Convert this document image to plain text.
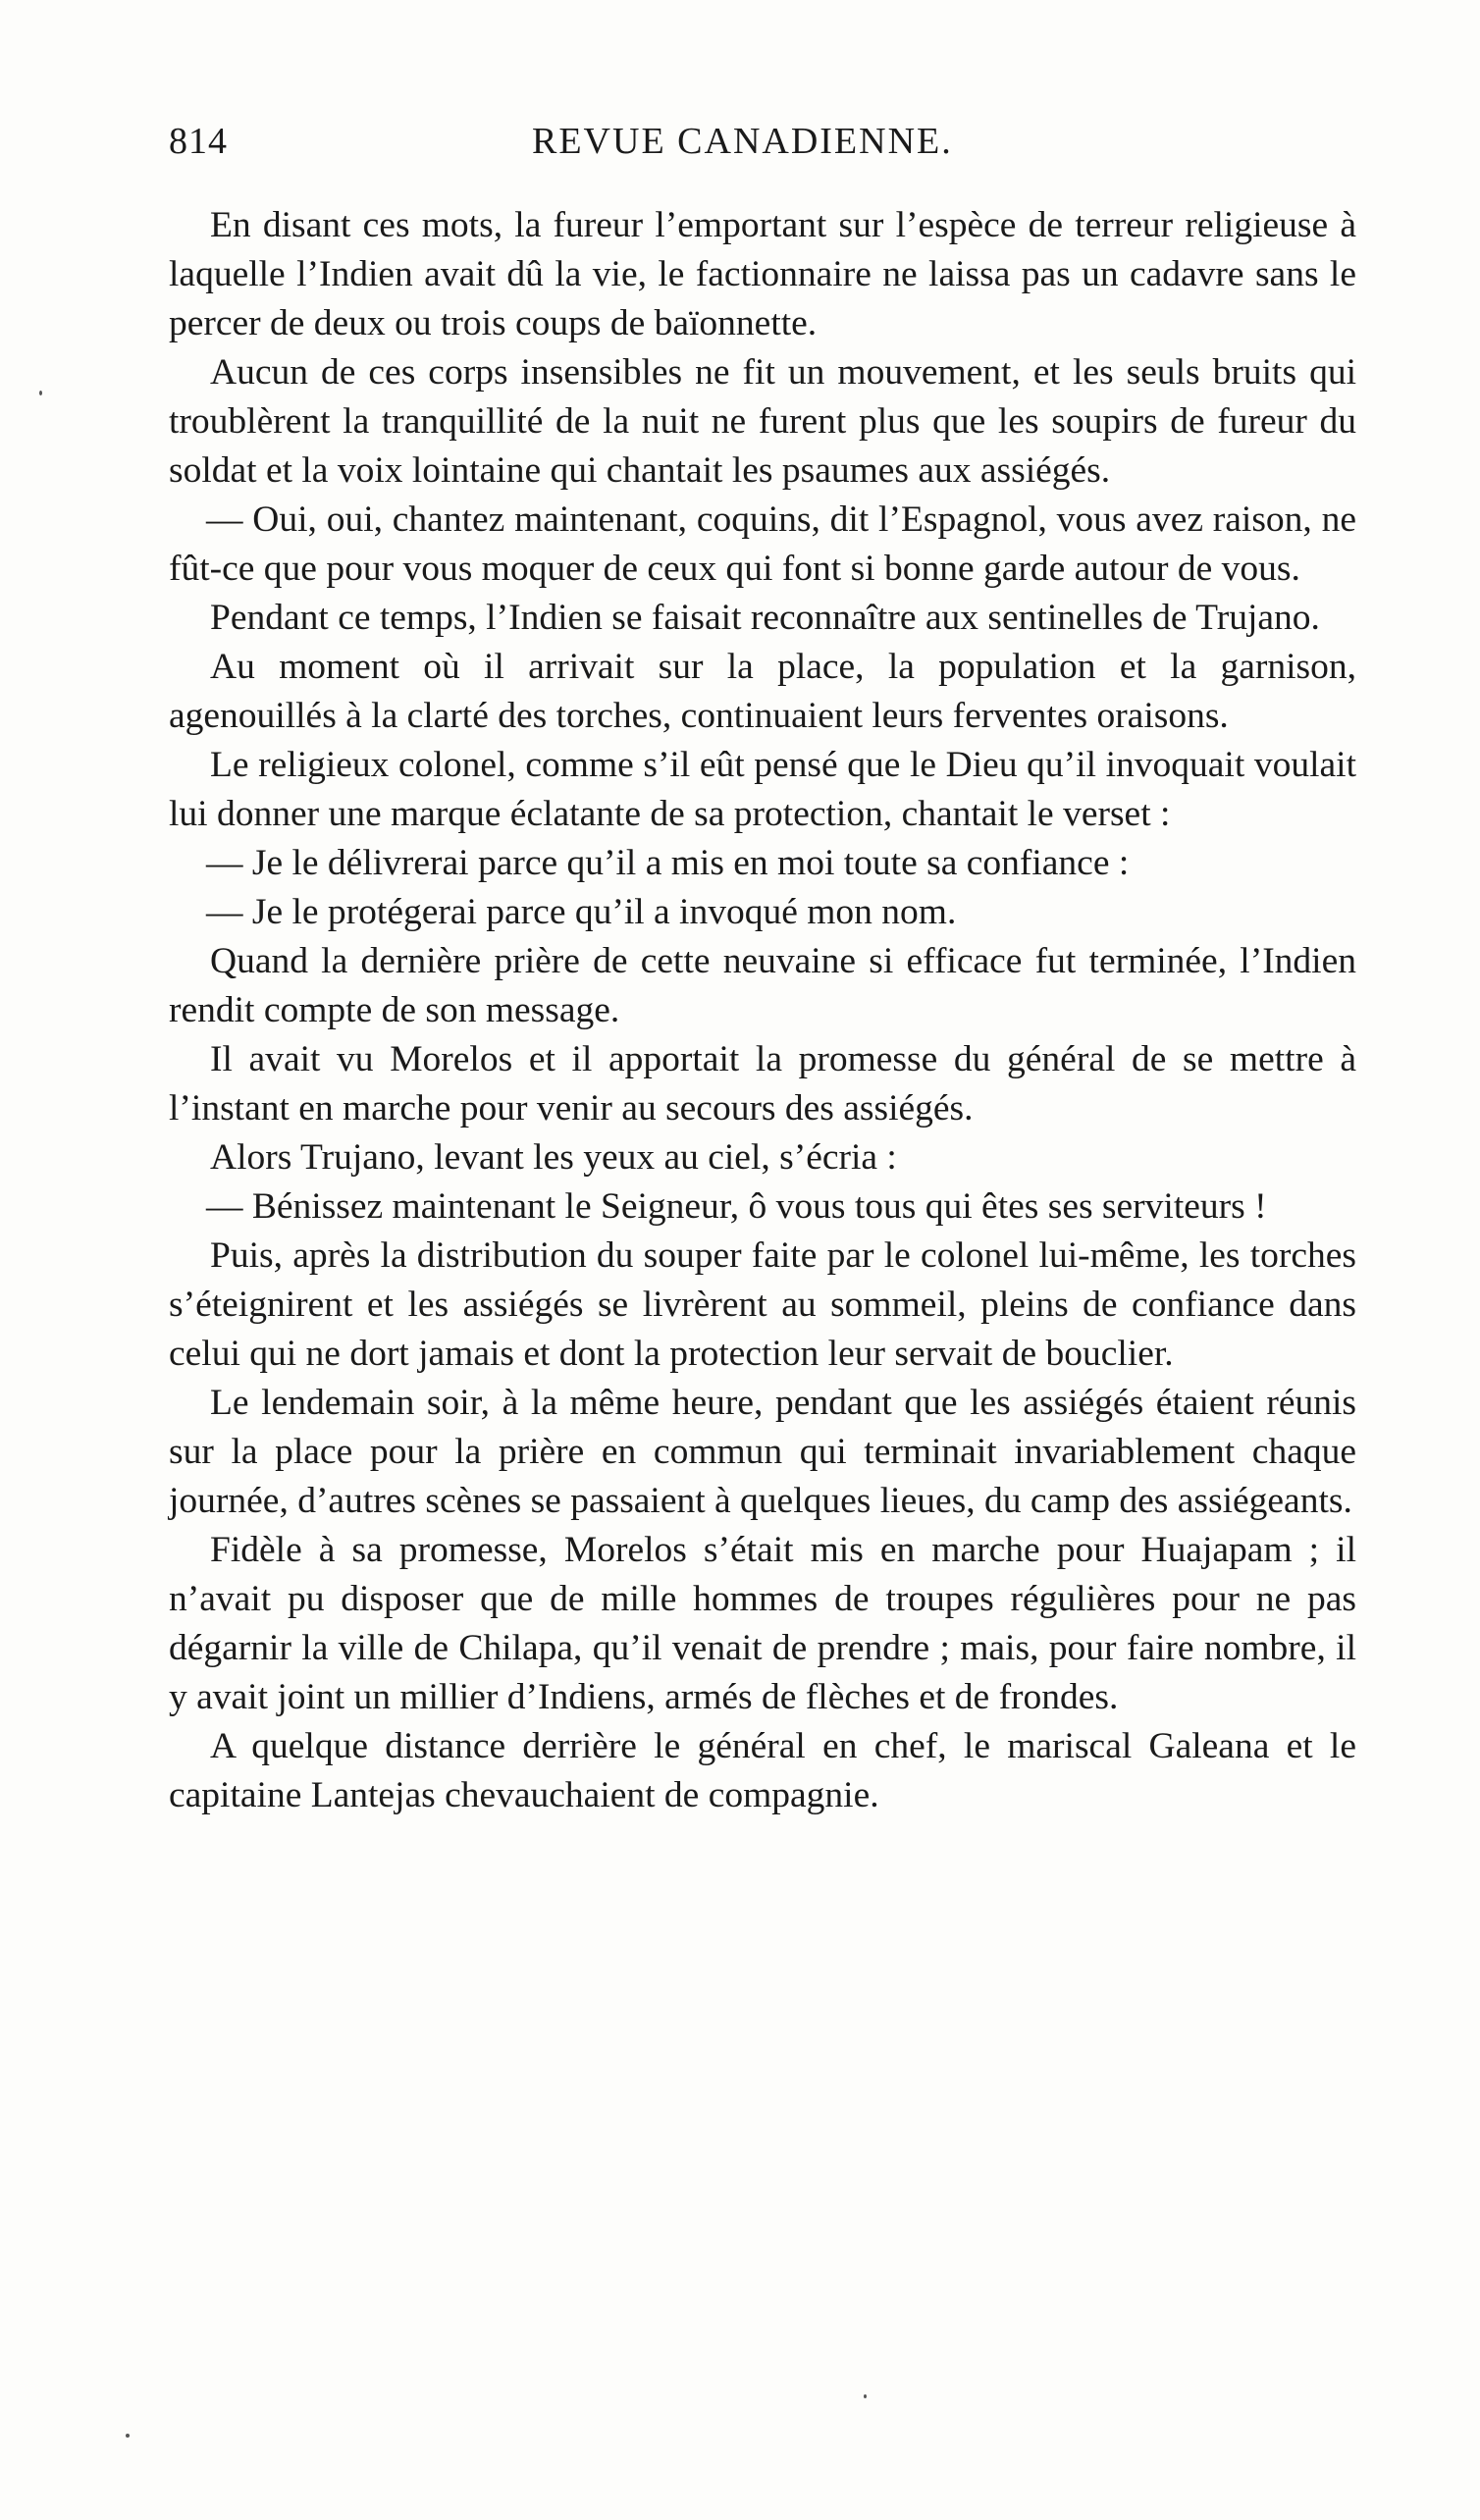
814	REVUE CANADIENNE.

En disant ces mots, la fureur l’emportant sur l’espèce de terreur religieuse à laquelle l’Indien avait dû la vie, le factionnaire ne laissa pas un cadavre sans le percer de deux ou trois coups de baïonnette.

Aucun de ces corps insensibles ne fit un mouvement, et les seuls bruits qui troublèrent la tranquillité de la nuit ne furent plus que les soupirs de fureur du soldat et la voix lointaine qui chantait les psaumes aux assiégés.

— Oui, oui, chantez maintenant, coquins, dit l’Espagnol, vous avez raison, ne fût-ce que pour vous moquer de ceux qui font si bonne garde autour de vous.

Pendant ce temps, l’Indien se faisait reconnaître aux sentinelles de Trujano.

Au moment où il arrivait sur la place, la population et la garnison, agenouillés à la clarté des torches, continuaient leurs ferventes oraisons.

Le religieux colonel, comme s’il eût pensé que le Dieu qu’il invoquait voulait lui donner une marque éclatante de sa protection, chantait le verset :

— Je le délivrerai parce qu’il a mis en moi toute sa confiance :

— Je le protégerai parce qu’il a invoqué mon nom.

Quand la dernière prière de cette neuvaine si efficace fut terminée, l’Indien rendit compte de son message.

Il avait vu Morelos et il apportait la promesse du général de se mettre à l’instant en marche pour venir au secours des assiégés.

Alors Trujano, levant les yeux au ciel, s’écria :

— Bénissez maintenant le Seigneur, ô vous tous qui êtes ses serviteurs !

Puis, après la distribution du souper faite par le colonel lui-même, les torches s’éteignirent et les assiégés se livrèrent au sommeil, pleins de confiance dans celui qui ne dort jamais et dont la protection leur servait de bouclier.

Le lendemain soir, à la même heure, pendant que les assiégés étaient réunis sur la place pour la prière en commun qui terminait invariablement chaque journée, d’autres scènes se passaient à quelques lieues, du camp des assiégeants.

Fidèle à sa promesse, Morelos s’était mis en marche pour Huajapam ; il n’avait pu disposer que de mille hommes de troupes régulières pour ne pas dégarnir la ville de Chilapa, qu’il venait de prendre ; mais, pour faire nombre, il y avait joint un millier d’Indiens, armés de flèches et de frondes.

A quelque distance derrière le général en chef, le mariscal Galeana et le capitaine Lantejas chevauchaient de compagnie.
